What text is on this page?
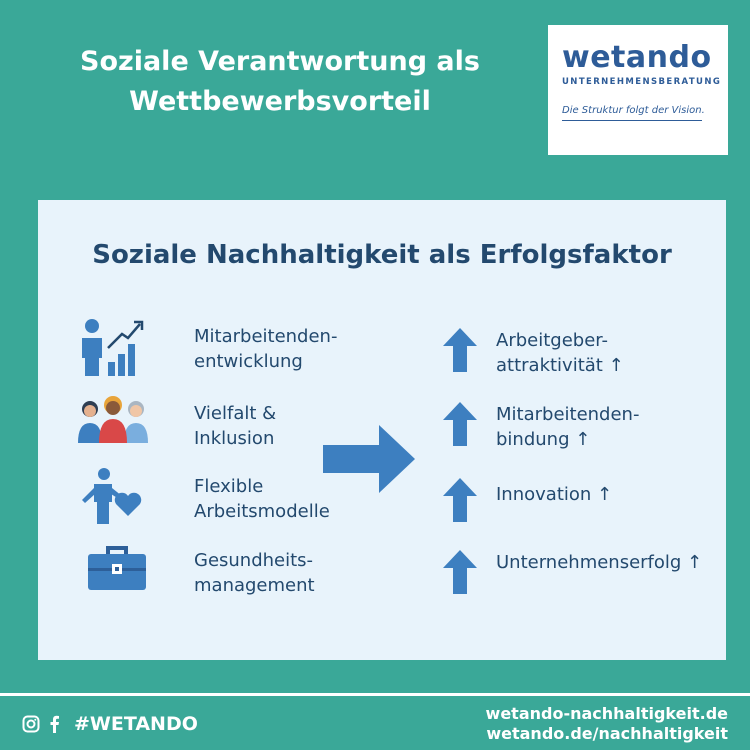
Soziale Verantwortung als
Wettbewerbsvorteil
wetando
UNTERNEHMENSBERATUNG
Die Struktur folgt der Vision.
Soziale Nachhaltigkeit als Erfolgsfaktor
Mitarbeitenden-
entwicklung
Vielfalt &
Inklusion
Flexible
Arbeitsmodelle
Gesundheits-
management
Arbeitgeber-
attraktivität ↑
Mitarbeitenden-
bindung ↑
Innovation ↑
Unternehmenserfolg ↑
#WETANDO	wetando-nachhaltigkeit.de
wetando.de/nachhaltigkeit
